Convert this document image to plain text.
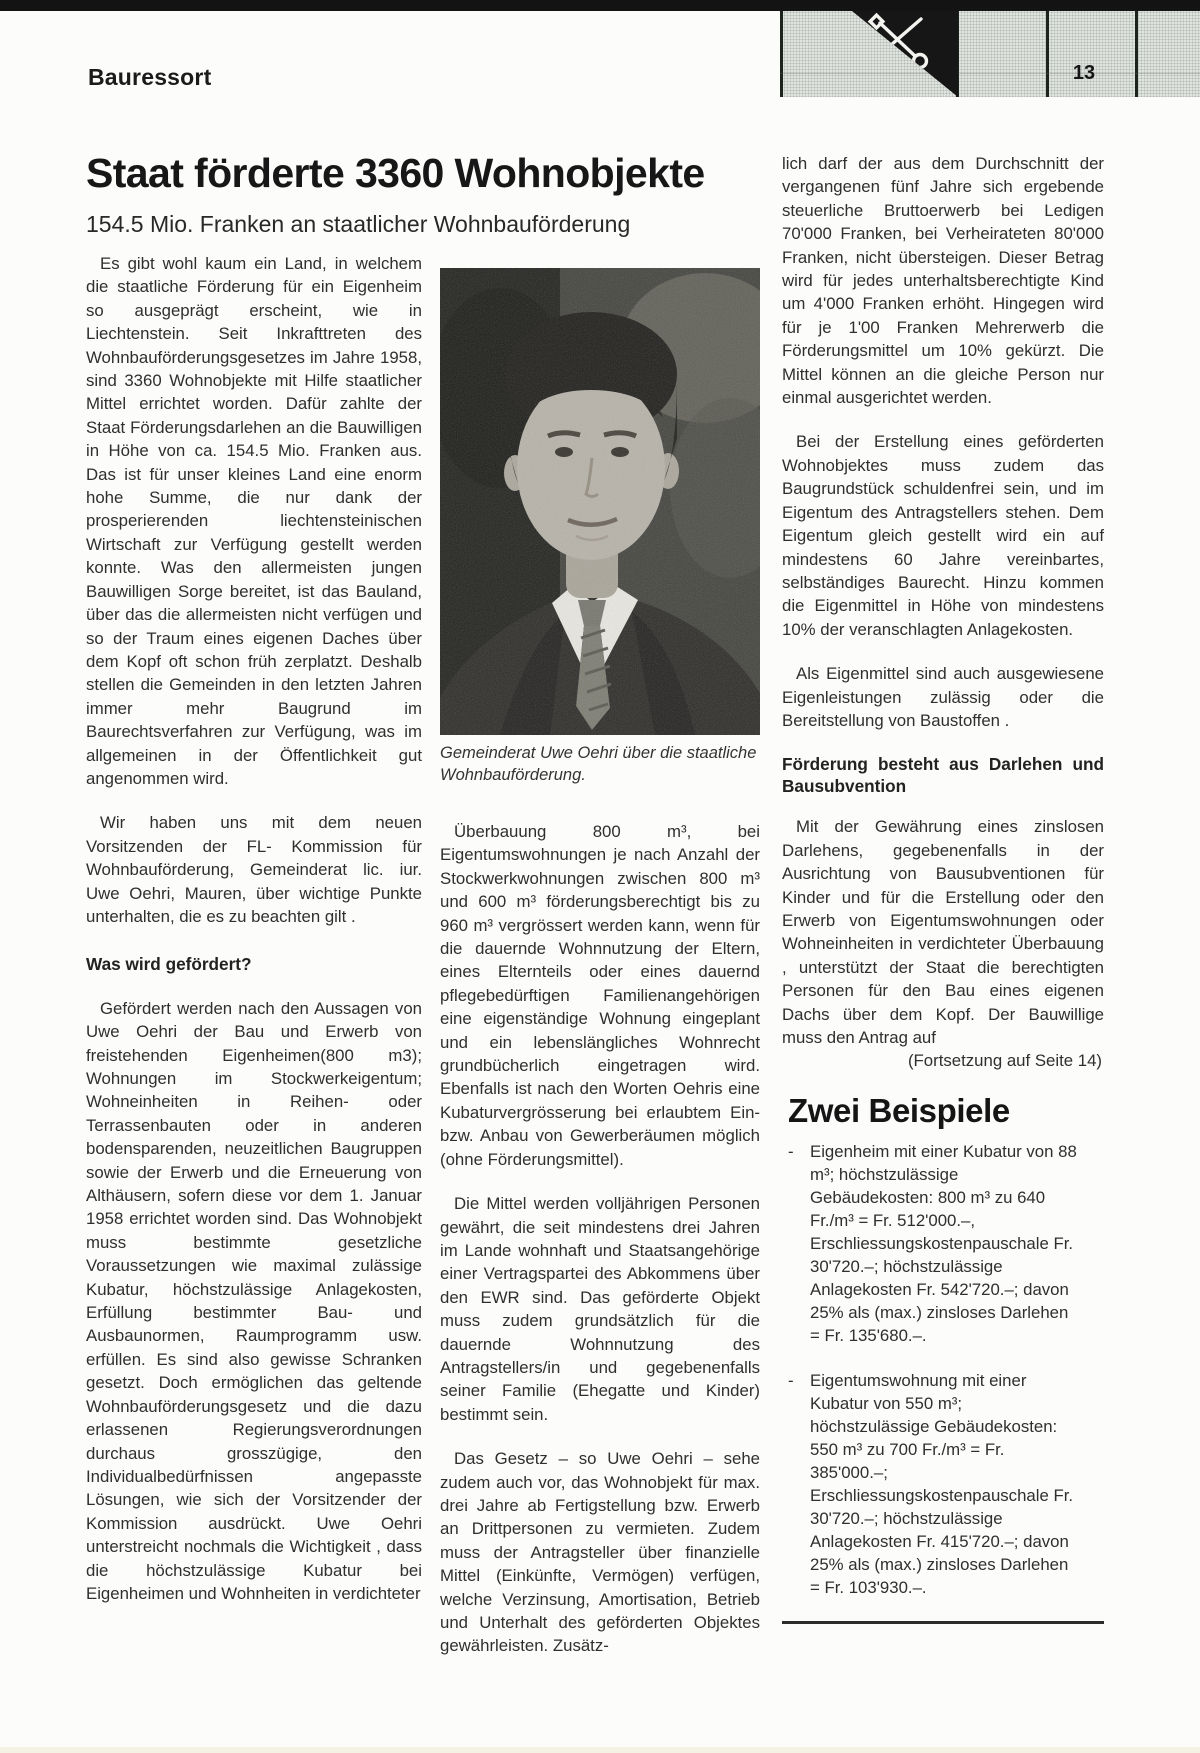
Bauressort	13
Staat förderte 3360 Wohnobjekte
154.5 Mio. Franken an staatlicher Wohnbauförderung
Gemeinderat Uwe Oehri über die staatliche Wohnbauförderung.

Es gibt wohl kaum ein Land, in welchem die staatliche Förderung für ein Eigenheim so ausgeprägt erscheint, wie in Liechtenstein. Seit Inkrafttreten des Wohnbauförderungsgesetzes im Jahre 1958, sind 3360 Wohnobjekte mit Hilfe staatlicher Mittel errichtet worden. Dafür zahlte der Staat Förderungsdarlehen an die Bauwilligen in Höhe von ca. 154.5 Mio. Franken aus. Das ist für unser kleines Land eine enorm hohe Summe, die nur dank der prosperierenden liechtensteinischen Wirtschaft zur Verfügung gestellt werden konnte. Was den allermeisten jungen Bauwilligen Sorge bereitet, ist das Bauland, über das die allermeisten nicht verfügen und so der Traum eines eigenen Daches über dem Kopf oft schon früh zerplatzt. Deshalb stellen die Gemeinden in den letzten Jahren immer mehr Baugrund im Baurechtsverfahren zur Verfügung, was im allgemeinen in der Öffentlichkeit gut angenommen wird.

Wir haben uns mit dem neuen Vorsitzenden der FL- Kommission für Wohnbauförderung, Gemeinderat lic. iur. Uwe Oehri, Mauren, über wichtige Punkte unterhalten, die es zu beachten gilt .

Was wird gefördert?

Gefördert werden nach den Aussagen von Uwe Oehri der Bau und Erwerb von freistehenden Eigenheimen(800 m3); Wohnungen im Stockwerkeigentum; Wohneinheiten in Reihen- oder Terrassenbauten oder in anderen bodensparenden, neuzeitlichen Baugruppen sowie der Erwerb und die Erneuerung von Althäusern, sofern diese vor dem 1. Januar 1958 errichtet worden sind. Das Wohnobjekt muss bestimmte gesetzliche Voraussetzungen wie maximal zulässige Kubatur, höchstzulässige Anlagekosten, Erfüllung bestimmter Bau- und Ausbaunormen, Raumprogramm usw. erfüllen. Es sind also gewisse Schranken gesetzt. Doch ermöglichen das geltende Wohnbauförderungsgesetz und die dazu erlassenen Regierungsverordnungen durchaus grosszügige, den Individualbedürfnissen angepasste Lösungen, wie sich der Vorsitzender der Kommission ausdrückt. Uwe Oehri unterstreicht nochmals die Wichtigkeit , dass die höchstzulässige Kubatur bei Eigenheimen und Wohnheiten in verdichteter

Überbauung 800 m³, bei Eigentumswohnungen je nach Anzahl der Stockwerkwohnungen zwischen 800 m³ und 600 m³ förderungsberechtigt bis zu 960 m³ vergrössert werden kann, wenn für die dauernde Wohnnutzung der Eltern, eines Elternteils oder eines dauernd pflegebedürftigen Familienangehörigen eine eigenständige Wohnung eingeplant und ein lebenslängliches Wohnrecht grundbücherlich eingetragen wird. Ebenfalls ist nach den Worten Oehris eine Kubaturvergrösserung bei erlaubtem Ein- bzw. Anbau von Gewerberäumen möglich (ohne Förderungsmittel).

Die Mittel werden volljährigen Personen gewährt, die seit mindestens drei Jahren im Lande wohnhaft und Staatsangehörige einer Vertragspartei des Abkommens über den EWR sind. Das geförderte Objekt muss zudem grundsätzlich für die dauernde Wohnnutzung des Antragstellers/in und gegebenenfalls seiner Familie (Ehegatte und Kinder) bestimmt sein.

Das Gesetz – so Uwe Oehri – sehe zudem auch vor, das Wohnobjekt für max. drei Jahre ab Fertigstellung bzw. Erwerb an Drittpersonen zu vermieten. Zudem muss der Antragsteller über finanzielle Mittel (Einkünfte, Vermögen) verfügen, welche Verzinsung, Amortisation, Betrieb und Unterhalt des geförderten Objektes gewährleisten. Zusätz-

lich darf der aus dem Durchschnitt der vergangenen fünf Jahre sich ergebende steuerliche Bruttoerwerb bei Ledigen 70'000 Franken, bei Verheirateten 80'000 Franken, nicht übersteigen. Dieser Betrag wird für jedes unterhaltsberechtigte Kind um 4'000 Franken erhöht. Hingegen wird für je 1'00 Franken Mehrerwerb die Förderungsmittel um 10% gekürzt. Die Mittel können an die gleiche Person nur einmal ausgerichtet werden.

Bei der Erstellung eines geförderten Wohnobjektes muss zudem das Baugrundstück schuldenfrei sein, und im Eigentum des Antragstellers stehen. Dem Eigentum gleich gestellt wird ein auf mindestens 60 Jahre vereinbartes, selbständiges Baurecht. Hinzu kommen die Eigenmittel in Höhe von mindestens 10% der veranschlagten Anlagekosten.

Als Eigenmittel sind auch ausgewiesene Eigenleistungen zulässig oder die Bereitstellung von Baustoffen .

Förderung besteht aus Darlehen und Bausubvention

Mit der Gewährung eines zinslosen Darlehens, gegebenenfalls in der Ausrichtung von Bausubventionen für Kinder und für die Erstellung oder den Erwerb von Eigentumswohnungen oder Wohneinheiten in verdichteter Überbauung , unterstützt der Staat die berechtigten Personen für den Bau eines eigenen Dachs über dem Kopf. Der Bauwillige muss den Antrag auf

(Fortsetzung auf Seite 14)

Zwei Beispiele
- Eigenheim mit einer Kubatur von 88 m³; höchstzulässige Gebäudekosten: 800 m³ zu 640 Fr./m³ = Fr. 512'000.–, Erschliessungskostenpauschale Fr. 30'720.–; höchstzulässige Anlagekosten Fr. 542'720.–; davon 25% als (max.) zinsloses Darlehen = Fr. 135'680.–.
- Eigentumswohnung mit einer Kubatur von 550 m³; höchstzulässige Gebäudekosten: 550 m³ zu 700 Fr./m³ = Fr. 385'000.–; Erschliessungskostenpauschale Fr. 30'720.–; höchstzulässige Anlagekosten Fr. 415'720.–; davon 25% als (max.) zinsloses Darlehen = Fr. 103'930.–.
